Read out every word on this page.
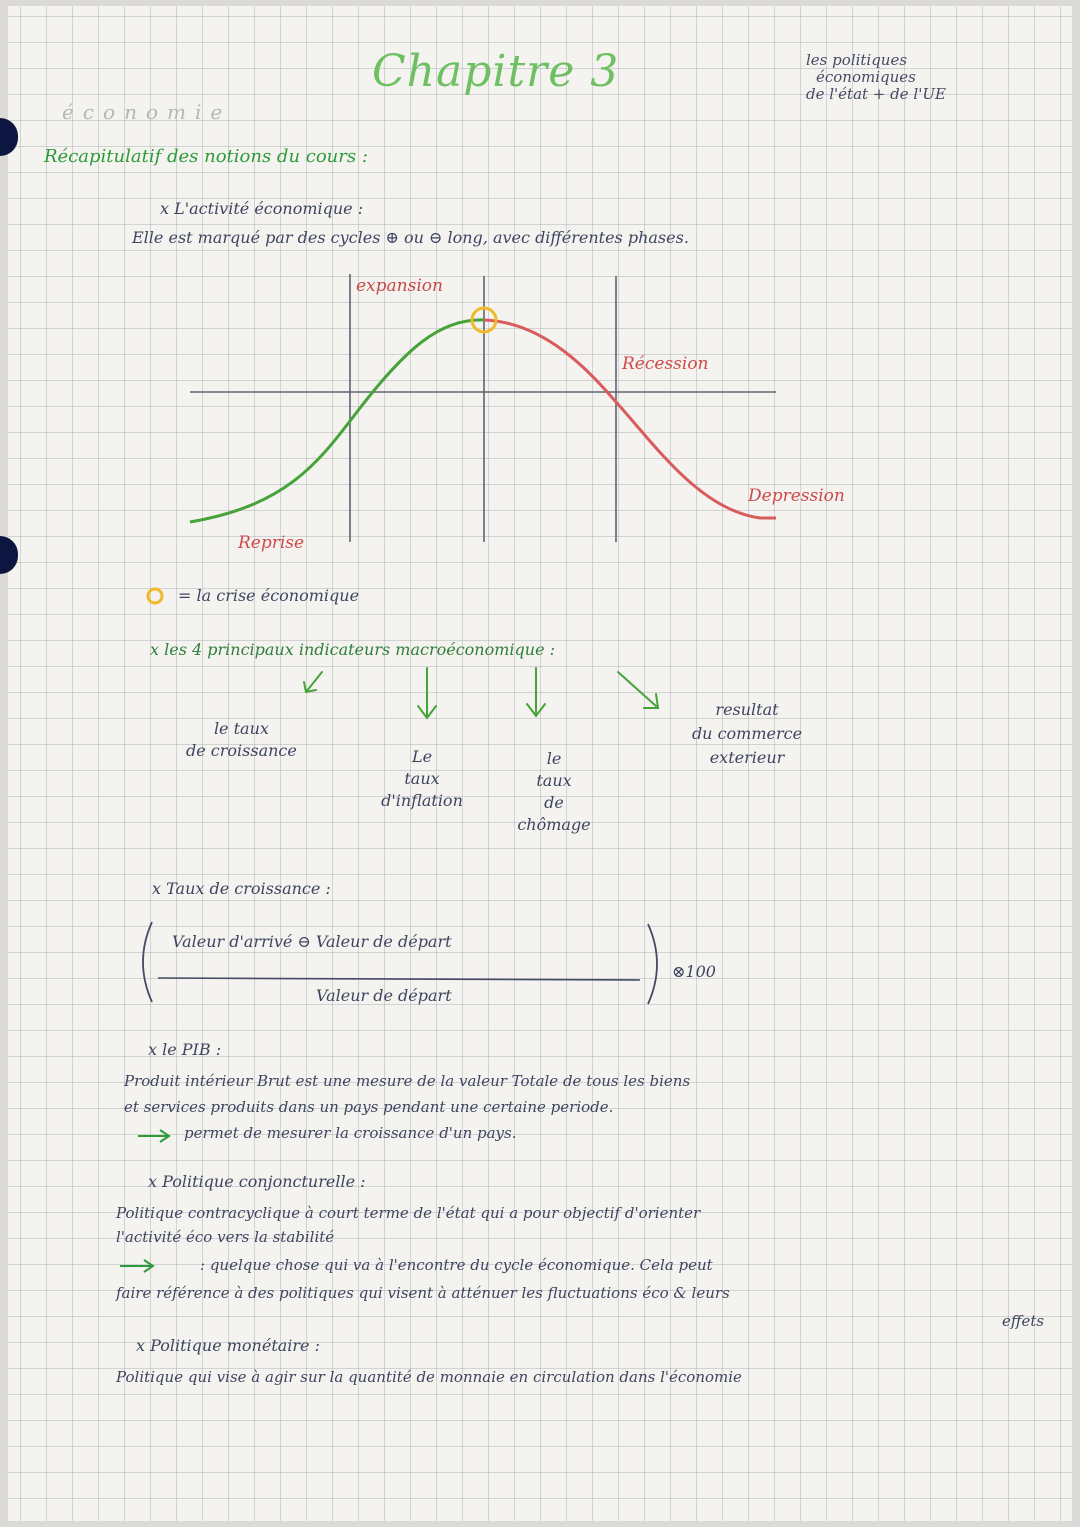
économie
Chapitre 3	les politiques
économiques
de l'état + de l'UE
Récapitulatif des notions du cours :
x L'activité économique :
Elle est marqué par des cycles ⊕ ou ⊖ long, avec différentes phases.
expansion
Récession
Depression
Reprise
= la crise économique
x les 4 principaux indicateurs macroéconomique :
le taux
de croissance	Le
taux
d'inflation
le
taux
de
chômage
resultat
du commerce
exterieur
x Taux de croissance :
Valeur d'arrivé ⊖ Valeur de départ
Valeur de départ
⊗100
x le PIB :
Produit intérieur Brut est une mesure de la valeur Totale de tous les biens
et services produits dans un pays pendant une certaine periode.
permet de mesurer la croissance d'un pays.
x Politique conjoncturelle :
Politique contracyclique à court terme de l'état qui a pour objectif d'orienter
l'activité éco vers la stabilité
: quelque chose qui va à l'encontre du cycle économique. Cela peut
faire référence à des politiques qui visent à atténuer les fluctuations éco & leurs
effets
x Politique monétaire :
Politique qui vise à agir sur la quantité de monnaie en circulation dans l'économie
